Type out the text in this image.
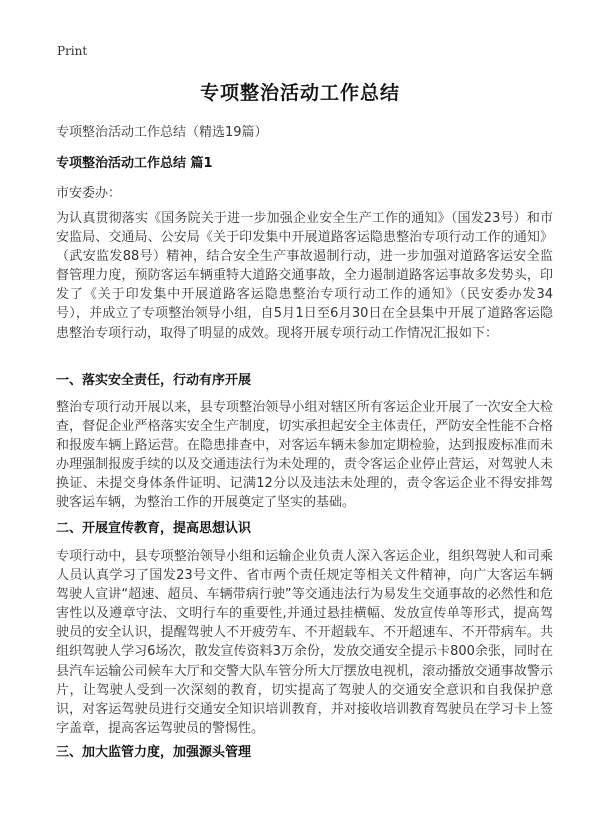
Print
专项整治活动工作总结
专项整治活动工作总结（精选19篇）
专项整治活动工作总结 篇1
市安委办：

为认真贯彻落实《国务院关于进一步加强企业安全生产工作的通知》（国发23号）和市安监局、交通局、公安局《关于印发集中开展道路客运隐患整治专项行动工作的通知》（武安监发88号）精神，结合安全生产事故遏制行动，进一步加强对道路客运安全监督管理力度，预防客运车辆重特大道路交通事故，全力遏制道路客运事故多发势头，印发了《关于印发集中开展道路客运隐患整治专项行动工作的通知》（民安委办发34号），并成立了专项整治领导小组，自5月1日至6月30日在全县集中开展了道路客运隐患整治专项行动，取得了明显的成效。现将开展专项行动工作情况汇报如下：

一、落实安全责任，行动有序开展

整治专项行动开展以来，县专项整治领导小组对辖区所有客运企业开展了一次安全大检查，督促企业严格落实安全生产制度，切实承担起安全主体责任，严防安全性能不合格和报废车辆上路运营。在隐患排查中，对客运车辆未参加定期检验，达到报废标准而未办理强制报废手续的以及交通违法行为未处理的，责令客运企业停止营运，对驾驶人未换证、未提交身体条件证明、记满12分以及违法未处理的，责令客运企业不得安排驾驶客运车辆，为整治工作的开展奠定了坚实的基础。

二、开展宣传教育，提高思想认识

专项行动中，县专项整治领导小组和运输企业负责人深入客运企业，组织驾驶人和司乘人员认真学习了国发23号文件、省市两个责任规定等相关文件精神，向广大客运车辆驾驶人宣讲“超速、超员、车辆带病行驶”等交通违法行为易发生交通事故的必然性和危害性以及遵章守法、文明行车的重要性,并通过悬挂横幅、发放宣传单等形式，提高驾驶员的安全认识，提醒驾驶人不开疲劳车、不开超载车、不开超速车、不开带病车。共组织驾驶人学习6场次，散发宣传资料3万余份，发放交通安全提示卡800余张，同时在县汽车运输公司候车大厅和交警大队车管分所大厅摆放电视机，滚动播放交通事故警示片，让驾驶人受到一次深刻的教育，切实提高了驾驶人的交通安全意识和自我保护意识，对客运驾驶员进行交通安全知识培训教育，并对接收培训教育驾驶员在学习卡上签字盖章，提高客运驾驶员的警惕性。

三、加大监管力度，加强源头管理
